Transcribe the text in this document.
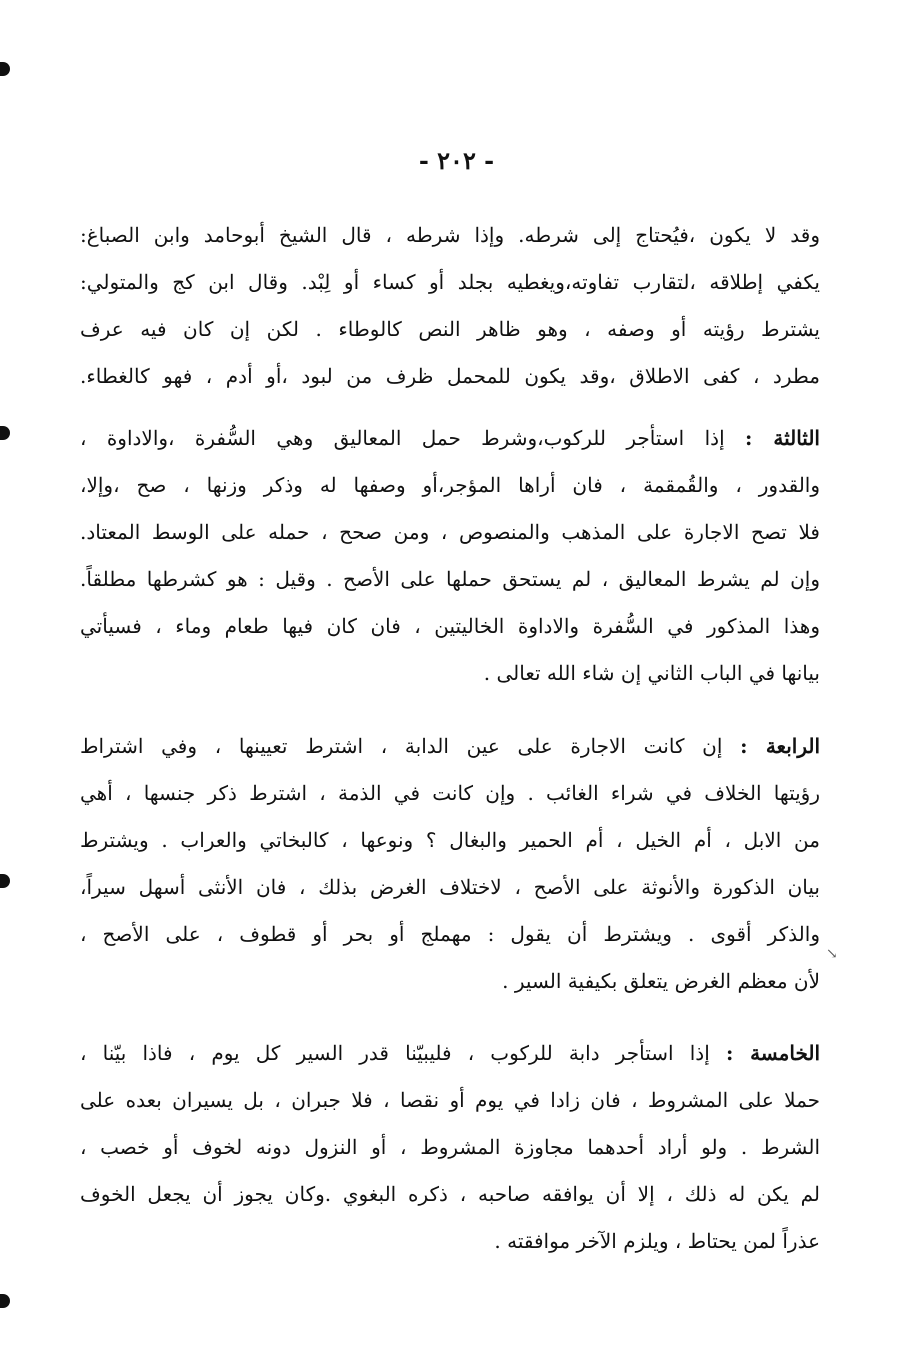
- ٢٠٢ -
وقد لا يكون ،فيُحتاج إلى شرطه. وإذا شرطه ، قال الشيخ أبوحامد وابن الصباغ:
يكفي إطلاقه ،لتقارب تفاوته،ويغطيه بجلد أو كساء أو لِبْد. وقال ابن كج والمتولي:
يشترط رؤيته أو وصفه ، وهو ظاهر النص كالوطاء . لكن إن كان فيه عرف
مطرد ، كفى الاطلاق ،وقد يكون للمحمل ظرف من لبود ،أو أدم ، فهو كالغطاء.
الثالثة : إذا استأجر للركوب،وشرط حمل المعاليق وهي السُّفرة ،والاداوة ،
والقدور ، والقُمقمة ، فان أراها المؤجر،أو وصفها له وذكر وزنها ، صح ،وإلا،
فلا تصح الاجارة على المذهب والمنصوص ، ومن صحح ، حمله على الوسط المعتاد.
وإن لم يشرط المعاليق ، لم يستحق حملها على الأصح . وقيل : هو كشرطها مطلقاً.
وهذا المذكور في السُّفرة والاداوة الخاليتين ، فان كان فيها طعام وماء ، فسيأتي
بيانها في الباب الثاني إن شاء الله تعالى .
الرابعة : إن كانت الاجارة على عين الدابة ، اشترط تعيينها ، وفي اشتراط
رؤيتها الخلاف في شراء الغائب . وإن كانت في الذمة ، اشترط ذكر جنسها ، أهي
من الابل ، أم الخيل ، أم الحمير والبغال ؟ ونوعها ، كالبخاتي والعراب . ويشترط
بيان الذكورة والأنوثة على الأصح ، لاختلاف الغرض بذلك ، فان الأنثى أسهل سيراً،
والذكر أقوى . ويشترط أن يقول : مهملج أو بحر أو قطوف ، على الأصح ،
لأن معظم الغرض يتعلق بكيفية السير .
الخامسة : إذا استأجر دابة للركوب ، فليبيّنا قدر السير كل يوم ، فاذا بيّنا ،
حملا على المشروط ، فان زادا في يوم أو نقصا ، فلا جبران ، بل يسيران بعده على
الشرط . ولو أراد أحدهما مجاوزة المشروط ، أو النزول دونه لخوف أو خصب ،
لم يكن له ذلك ، إلا أن يوافقه صاحبه ، ذكره البغوي .وكان يجوز أن يجعل الخوف
عذراً لمن يحتاط ، ويلزم الآخر موافقته .
↘
